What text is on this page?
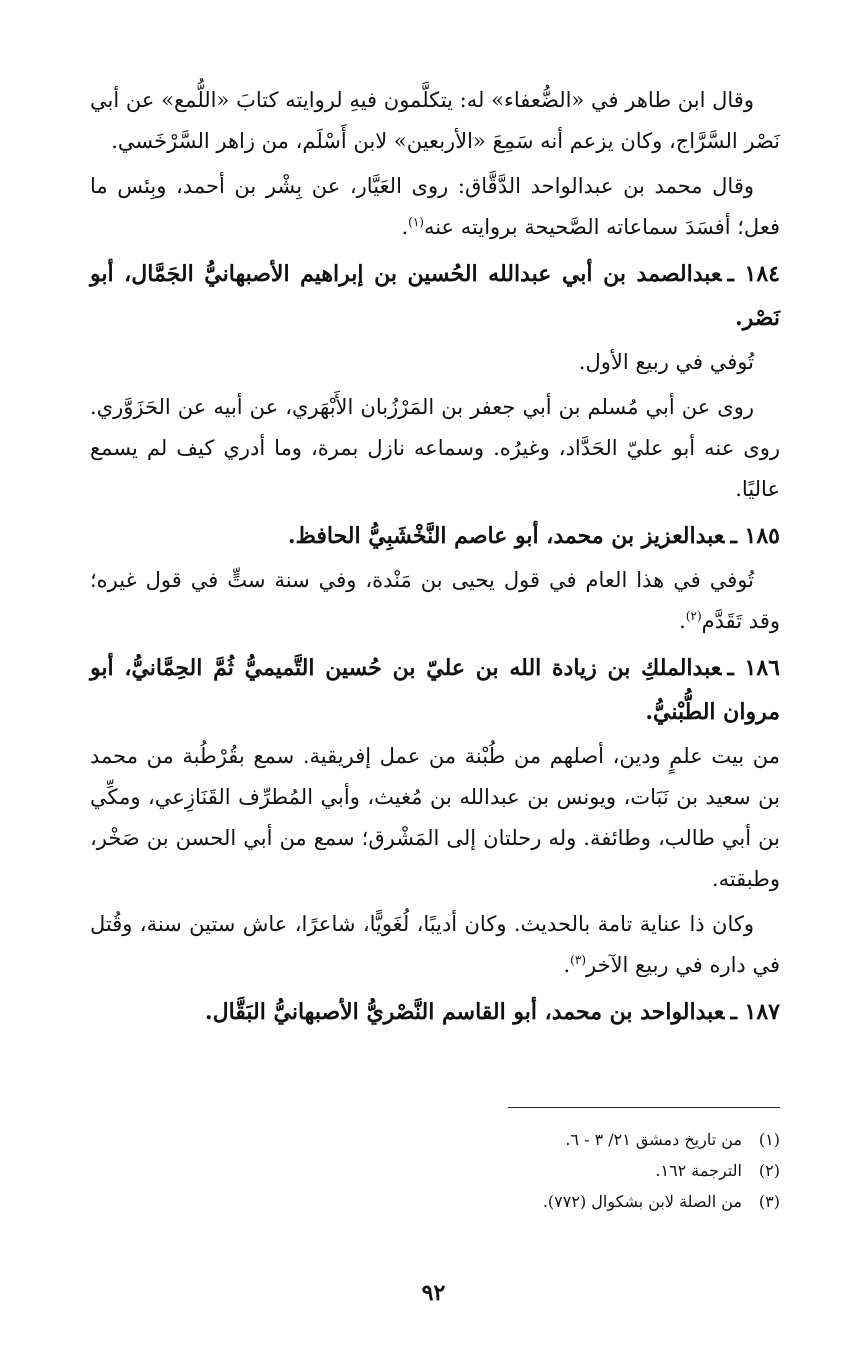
وقال ابن طاهر في «الضُّعفاء» له: يتكلَّمون فيهِ لروايته كتابَ «اللُّمع» عن أبي نَصْر السَّرَّاج، وكان يزعم أنه سَمِعَ «الأربعين» لابن أَسْلَم، من زاهر السَّرْخَسي.

وقال محمد بن عبدالواحد الدَّقَّاق: روى العَيَّار، عن بِشْر بن أحمد، وبِئس ما فعل؛ أفسَدَ سماعاته الصَّحيحة بروايته عنه$^{(١)}$.

١٨٤ ـعبدالصمد بن أبي عبدالله الحُسين بن إبراهيم الأصبهانيُّ الجَمَّال، أبو نَصْر.

تُوفي في ربيع الأول.

روى عن أبي مُسلم بن أبي جعفر بن المَرْزُبان الأَبْهَري، عن أبيه عن الحَزَوَّري. روى عنه أبو عليّ الحَدَّاد، وغيرُه. وسماعه نازل بمرة، وما أدري كيف لم يسمع عاليًا.

١٨٥ ـعبدالعزيز بن محمد، أبو عاصم النَّخْشَبِيُّ الحافظ.

تُوفي في هذا العام في قول يحيى بن مَنْدة، وفي سنة ستٍّ في قول غيره؛ وقد تَقَدَّم$^{(٢)}$.

١٨٦ ـعبدالملكِ بن زيادة الله بن عليّ بن حُسين التَّميميُّ ثُمَّ الحِمَّانيُّ، أبو مروان الطُّبْنيُّ.

من بيت علمٍ ودين، أصلهم من طُبْنة من عمل إفريقية. سمع بقُرْطُبة من محمد بن سعيد بن نَبَات، ويونس بن عبدالله بن مُغيث، وأبي المُطرِّف القَنَازِعي، ومكِّي بن أبي طالب، وطائفة. وله رحلتان إلى المَشْرق؛ سمع من أبي الحسن بن صَخْر، وطبقته.

وكان ذا عناية تامة بالحديث. وكان أديبًا، لُغَويًّا، شاعرًا، عاش ستين سنة، وقُتل في داره في ربيع الآخر$^{(٣)}$.

١٨٧ ـعبدالواحد بن محمد، أبو القاسم النَّصْريُّ الأصبهانيُّ البَقَّال.

(١)
من تاريخ دمشق ٢١/ ٣ - ٦.
(٢)
الترجمة ١٦٢.
(٣)
من الصلة لابن بشكوال (٧٧٢).
٩٢
